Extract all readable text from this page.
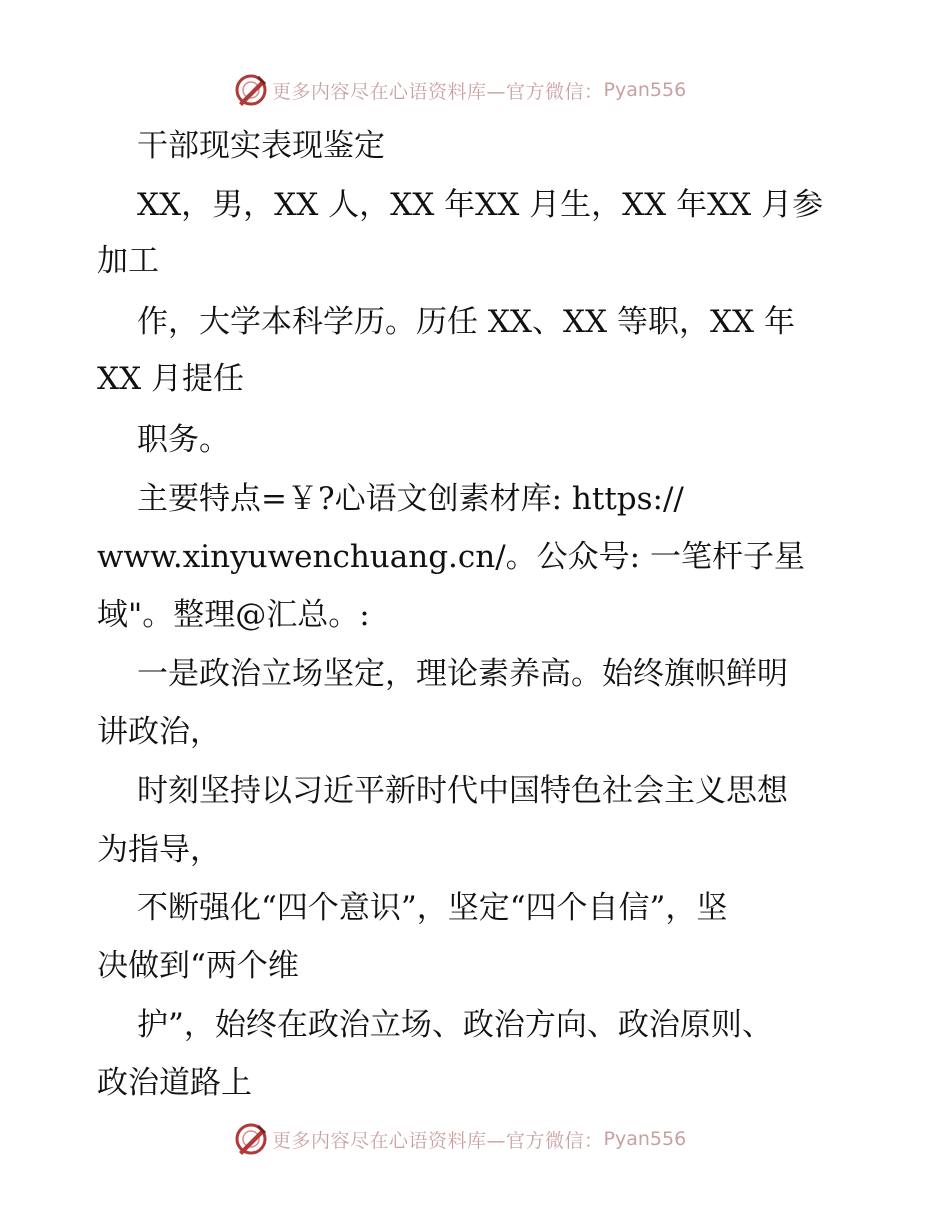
更多内容尽在心语资料库—官方微信： Pyan556
干部现实表现鉴定
XX，男，XX 人，XX 年XX 月生，XX 年XX 月参
加工
作，大学本科学历。历任 XX、XX 等职，XX 年
XX 月提任
职务。
主要特点=￥?心语文创素材库: https://
www.xinyuwenchuang.cn/。公众号: 一笔杆子星
域"。整理@汇总。:
一是政治立场坚定，理论素养高。始终旗帜鲜明
讲政治，
时刻坚持以习近平新时代中国特色社会主义思想
为指导，
不断强化“四个意识”，坚定“四个自信”，坚
决做到“两个维
护”，始终在政治立场、政治方向、政治原则、
政治道路上
更多内容尽在心语资料库—官方微信： Pyan556
